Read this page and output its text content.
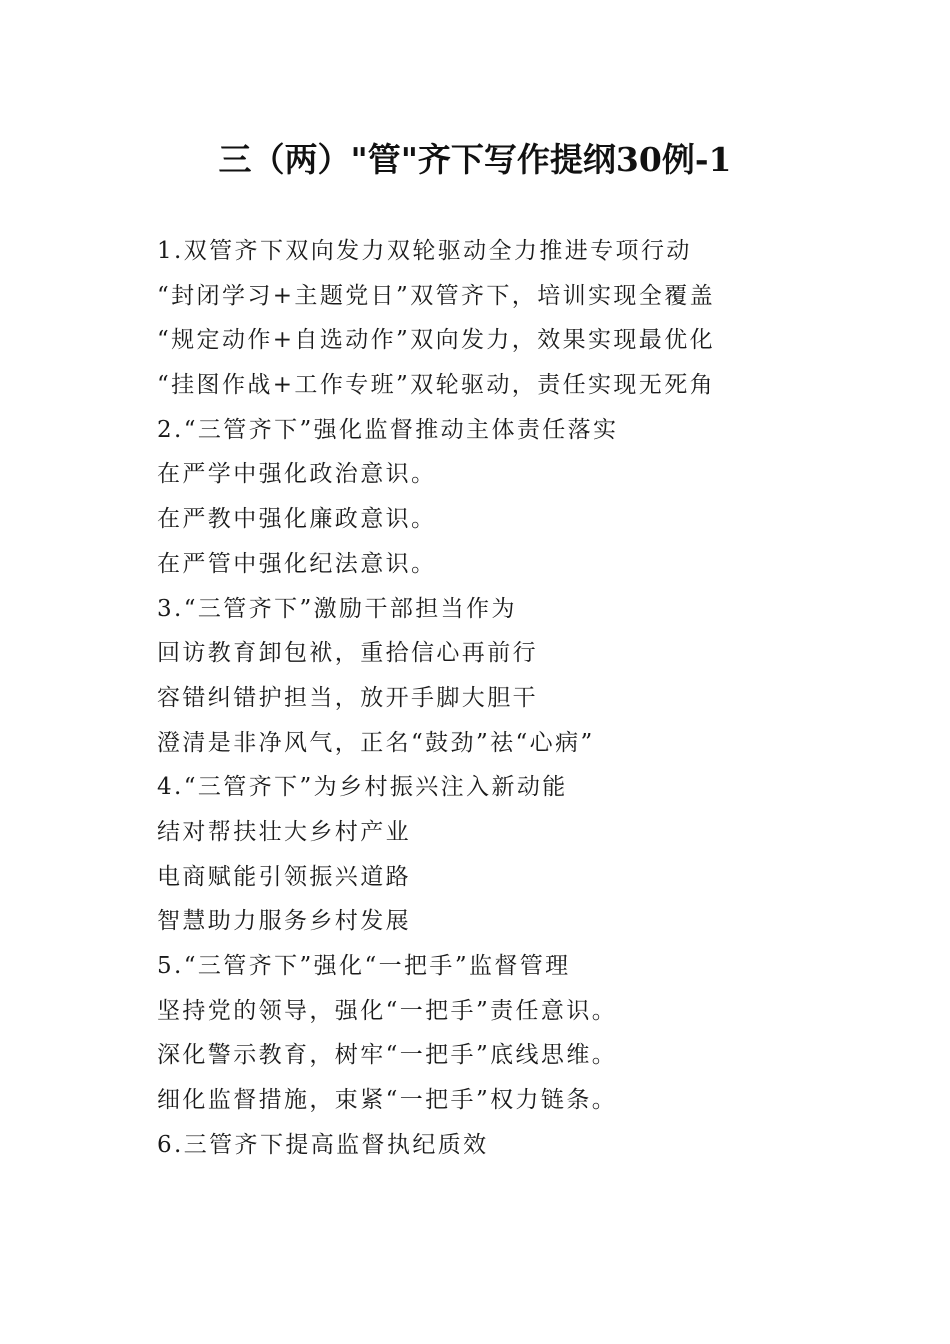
三（两）"管"齐下写作提纲30例-1
1.双管齐下双向发力双轮驱动全力推进专项行动
“封闭学习+主题党日”双管齐下，培训实现全覆盖
“规定动作+自选动作”双向发力，效果实现最优化
“挂图作战+工作专班”双轮驱动，责任实现无死角
2.“三管齐下”强化监督推动主体责任落实
在严学中强化政治意识。
在严教中强化廉政意识。
在严管中强化纪法意识。
3.“三管齐下”激励干部担当作为
回访教育卸包袱，重拾信心再前行
容错纠错护担当，放开手脚大胆干
澄清是非净风气，正名“鼓劲”祛“心病”
4.“三管齐下”为乡村振兴注入新动能
结对帮扶壮大乡村产业
电商赋能引领振兴道路
智慧助力服务乡村发展
5.“三管齐下”强化“一把手”监督管理
坚持党的领导，强化“一把手”责任意识。
深化警示教育，树牢“一把手”底线思维。
细化监督措施，束紧“一把手”权力链条。
6.三管齐下提高监督执纪质效
